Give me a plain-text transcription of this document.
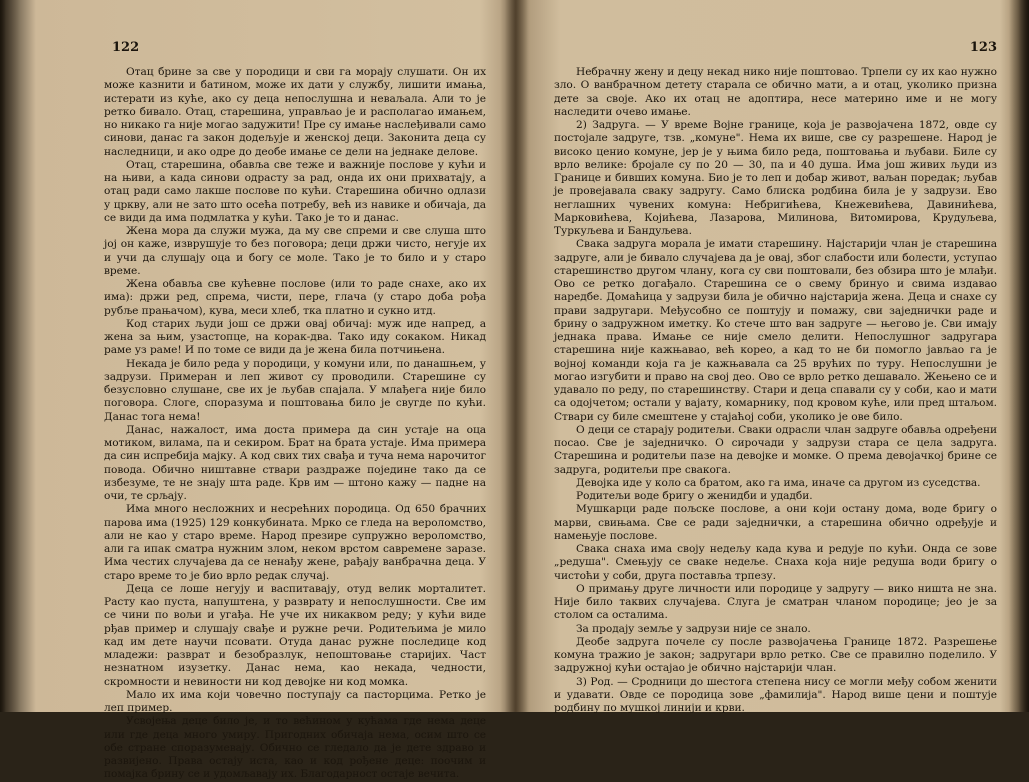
122

Отац брине за све у породици и сви га морају слушати. Он их може казнити и батином, може их дати у службу, лишити имања, истерати из куће, ако су деца непослушна и неваљала. Али то је ретко бивало. Отац, старешина, управљао је и располагао имањем, но никако га није могао задужити! Пре су имање наслеђивали само синови, данас га закон додељује и женској деци. Законита деца су наследници, и ако одре до деобе имање се дели на једнаке делове.

Отац, старешина, обавља све теже и важније послове у кући и на њиви, а када синови одрасту за рад, онда их они прихватају, а отац ради само лакше послове по кући. Старешина обично одлази у цркву, али не зато што осећа потребу, већ из навике и обичаја, да се види да има подмлатка у кући. Тако је то и данас.

Жена мора да служи мужа, да му све спреми и све слуша што јој он каже, изврушује то без поговора; деци држи чисто, негује их и учи да слушају оца и богу се моле. Тако је то било и у старо време.

Жена обавља све кућевне послове (или то раде снахе, ако их има): држи ред, спрема, чисти, пере, глача (у старо доба рођа рубље прањачом), кува, меси хлеб, тка платно и сукно итд.

Код старих људи још се држи овај обичај: муж иде напред, а жена за њим, узастопце, на корак-два. Тако иду сокаком. Никад раме уз раме! И по томе се види да је жена била потчињена.

Некада је било реда у породици, у комуни или, по данашњем, у задрузи. Примеран и леп живот су проводили. Старешине су безусловно слушане, све их је љубав спајала. У млађега није било поговора. Слоге, споразума и поштовања било је свугде по кући. Данас тога нема!

Данас, нажалост, има доста примера да син устаје на оца мотиком, вилама, па и секиром. Брат на брата устаје. Има примера да син испребија мајку. А код свих тих свађа и туча нема нарочитог повода. Обично ништавне ствари раздраже поједине тако да се избезуме, те не знају шта раде. Крв им — штоно кажу — падне на очи, те срљају.

Има много несложних и несрећних породица. Од 650 брачних парова има (1925) 129 конкубината. Мрко се гледа на вероломство, али не као у старо време. Народ презире супружно вероломство, али га ипак сматра нужним злом, неком врстом савремене заразе. Има честих случајева да се ненађу жене, рађају ванбрачна деца. У старо време то је био врло редак случај.

Деца се лоше негују и васпитавају, отуд велик морталитет. Расту као пуста, напуштена, у разврату и непослушности. Све им се чини по вољи и угађа. Не уче их никаквом реду; у кући виде рђав пример и слушају свађе и ружне речи. Родитељима је мило кад им дете научи псовати. Отуда данас ружне последице код младежи: разврат и безобразлук, непоштовање старијих. Част незнатном изузетку. Данас нема, као некада, чедности, скромности и невиности ни код девојке ни код момка.

Мало их има који човечно поступају са пасторцима. Ретко је леп пример.

Усвојења деце било је, и то већином у кућама где нема деце или где деца много умиру. Пригодних обичаја нема, осим што се обе стране споразумевају. Обично се гледало да је дете здраво и развијено. Права остају иста, као и код рођене деце: поочим и помајка брину се и удомљавају их. Благодарност остаје вечита.

123

Небрачну жену и децу некад нико није поштовао. Трпели су их као нужно зло. О ванбрачном детету старала се обично мати, а и отац, уколико призна дете за своје. Ако их отац не адоптира, несе материно име и не могу наследити очево имање.

2) Задруга. — У време Војне границе, која је развојачена 1872, овде су постојале задруге, тзв. „комуне". Нема их више, све су разрешене. Народ је високо ценио комуне, јер је у њима било реда, поштовања и љубави. Биле су врло велике: бројале су по 20 — 30, па и 40 душа. Има још живих људи из Границе и бивших комуна. Био је то леп и добар живот, ваљан поредак; љубав је провејавала сваку задругу. Само блиска родбина била је у задрузи. Ево неглашних чувених комуна: Небригићева, Кнежевићева, Давинићева, Марковићева, Којићева, Лазарова, Милинова, Витомирова, Крудуљева, Туркуљева и Бандуљева.

Свака задруга морала је имати старешину. Најстарији члан је старешина задруге, али је бивало случајева да је овај, због слабости или болести, уступао старешинство другом члану, кога су сви поштовали, без обзира што је млађи. Ово се ретко догађало. Старешина се о свему бринуо и свима издавао наредбе. Домаћица у задрузи била је обично најстарија жена. Деца и снахе су прави задругари. Међусобно се поштују и помажу, сви заједнички раде и брину о задружном иметку. Ко стече што ван задруге — његово је. Сви имају једнака права. Имање се није смело делити. Непослушног задругара старешина није кажњавао, већ кореo, а кад то не би помогло јављао га је војној команди која га је кажњавала са 25 врућих по туру. Непослушни је могао изгубити и право на свој део. Ово се врло ретко дешавало. Жењено се и удавало по реду, по старешинству. Стари и деца спавали су у соби, као и мати са одојчетом; остали у вајату, комарнику, под кровом куће, или пред штаљом. Ствари су биле смештене у стајаћој соби, уколико је ове било.

О деци се старају родитељи. Сваки одрасли члан задруге обавља одређени посао. Све је заједничко. О сирочади у задрузи стара се цела задруга. Старешина и родитељи пазе на девојке и момке. О према девојачкој брине се задруга, родитељи пре свакога.

Девојка иде у коло са братом, ако га има, иначе са другом из суседства.

Родитељи воде бригу о женидби и удадби.

Мушкарци раде пољске послове, а они који остану дома, воде бригу о марви, свињама. Све се ради заједнички, а старешина обично одређује и намењује послове.

Свака снаха има своју недељу када кува и редује по кући. Онда се зове „редуша". Смењују се сваке недеље. Снаха која није редуша води бригу о чистоћи у соби, друга поставља трпезу.

О примању друге личности или породице у задругу — вико ништа не зна. Није било таквих случајева. Слуга је сматран чланом породице; јео је за столом са осталима.

За продају земље у задрузи није се знало.

Деобе задруга почеле су после развојачења Границе 1872. Разрешење комуна тражио је закон; задругари врло ретко. Све се правилно поделило. У задружној кући остајао је обично најстарији члан.

3) Род. — Сродници до шестога степена нису се могли међу собом женити и удавати. Овде се породица зове „фамилија". Народ више цени и поштује родбину по мушкој линији и крви.
